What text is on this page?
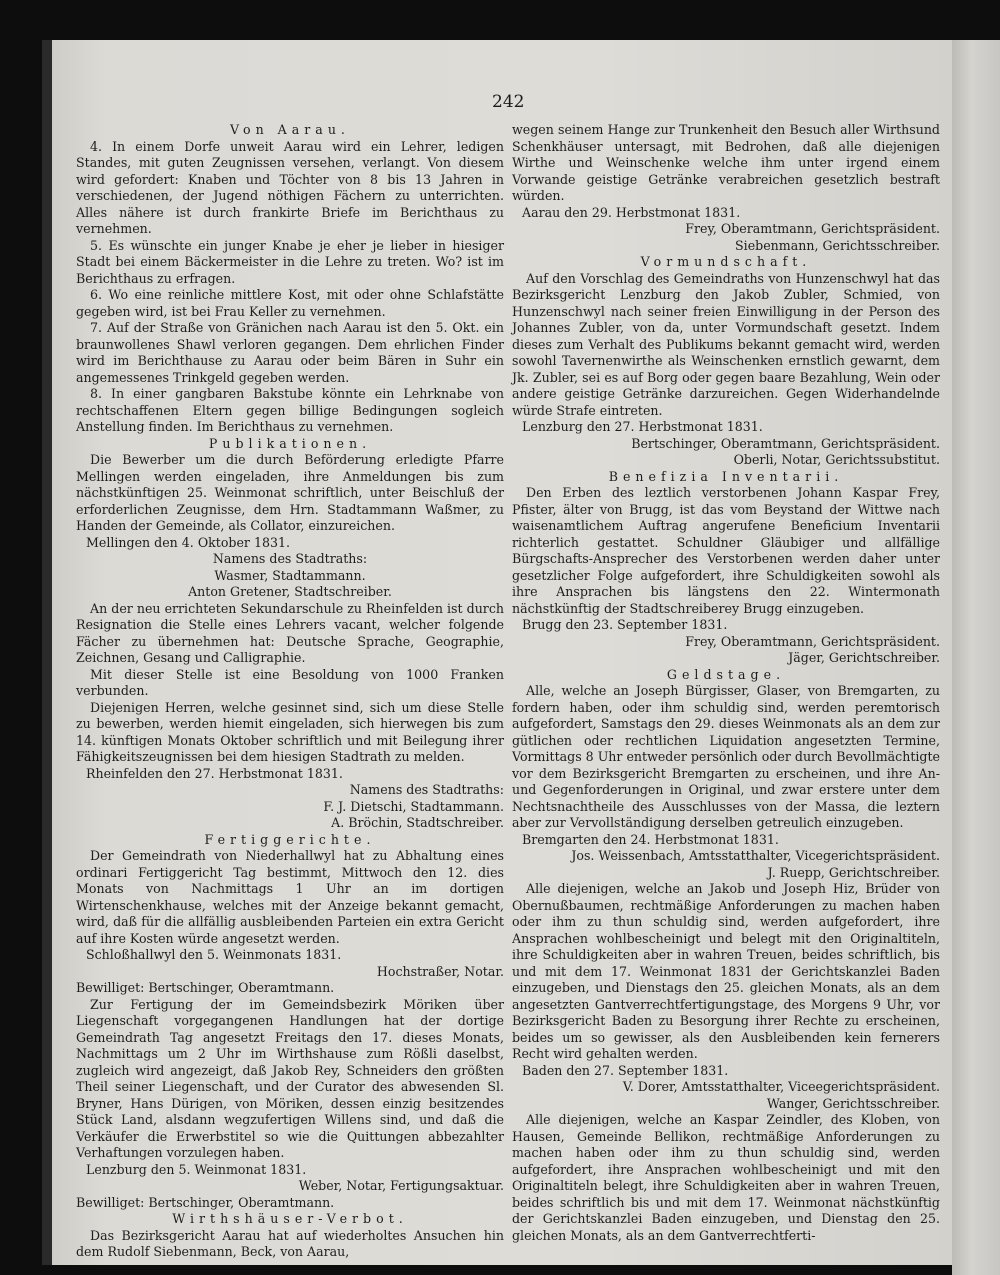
242

Von Aarau.

4. In einem Dorfe unweit Aarau wird ein Lehrer, ledigen Standes, mit guten Zeugnissen versehen, verlangt. Von diesem wird gefordert: Knaben und Töchter von 8 bis 13 Jahren in verschiedenen, der Jugend nöthigen Fächern zu unterrichten. Alles nähere ist durch frankirte Briefe im Berichthaus zu vernehmen.

5. Es wünschte ein junger Knabe je eher je lieber in hiesiger Stadt bei einem Bäckermeister in die Lehre zu treten. Wo? ist im Berichthaus zu erfragen.

6. Wo eine reinliche mittlere Kost, mit oder ohne Schlafstätte gegeben wird, ist bei Frau Keller zu vernehmen.

7. Auf der Straße von Gränichen nach Aarau ist den 5. Okt. ein braunwollenes Shawl verloren gegangen. Dem ehrlichen Finder wird im Berichthause zu Aarau oder beim Bären in Suhr ein angemessenes Trinkgeld gegeben werden.

8. In einer gangbaren Bakstube könnte ein Lehrknabe von rechtschaffenen Eltern gegen billige Bedingungen sogleich Anstellung finden. Im Berichthaus zu vernehmen.

Publikationen.

Die Bewerber um die durch Beförderung erledigte Pfarre Mellingen werden eingeladen, ihre Anmeldungen bis zum nächstkünftigen 25. Weinmonat schriftlich, unter Beischluß der erforderlichen Zeugnisse, dem Hrn. Stadtammann Waßmer, zu Handen der Gemeinde, als Collator, einzureichen.

Mellingen den 4. Oktober 1831.

Namens des Stadtraths:

Wasmer, Stadtammann.

Anton Gretener, Stadtschreiber.

An der neu errichteten Sekundarschule zu Rheinfelden ist durch Resignation die Stelle eines Lehrers vacant, welcher folgende Fächer zu übernehmen hat: Deutsche Sprache, Geographie, Zeichnen, Gesang und Calligraphie.

Mit dieser Stelle ist eine Besoldung von 1000 Franken verbunden.

Diejenigen Herren, welche gesinnet sind, sich um diese Stelle zu bewerben, werden hiemit eingeladen, sich hierwegen bis zum 14. künftigen Monats Oktober schriftlich und mit Beilegung ihrer Fähigkeitszeugnissen bei dem hiesigen Stadtrath zu melden.

Rheinfelden den 27. Herbstmonat 1831.

Namens des Stadtraths:

F. J. Dietschi, Stadtammann.

A. Bröchin, Stadtschreiber.

Fertiggerichte.

Der Gemeindrath von Niederhallwyl hat zu Abhaltung eines ordinari Fertiggericht Tag bestimmt, Mittwoch den 12. dies Monats von Nachmittags 1 Uhr an im dortigen Wirtenschenkhause, welches mit der Anzeige bekannt gemacht, wird, daß für die allfällig ausbleibenden Parteien ein extra Gericht auf ihre Kosten würde angesetzt werden.

Schloßhallwyl den 5. Weinmonats 1831.

Hochstraßer, Notar.

Bewilliget: Bertschinger, Oberamtmann.

Zur Fertigung der im Gemeindsbezirk Möriken über Liegenschaft vorgegangenen Handlungen hat der dortige Gemeindrath Tag angesetzt Freitags den 17. dieses Monats, Nachmittags um 2 Uhr im Wirthshause zum Rößli daselbst, zugleich wird angezeigt, daß Jakob Rey, Schneiders den größten Theil seiner Liegenschaft, und der Curator des abwesenden Sl. Bryner, Hans Dürigen, von Möriken, dessen einzig besitzendes Stück Land, alsdann wegzufertigen Willens sind, und daß die Verkäufer die Erwerbstitel so wie die Quittungen abbezahlter Verhaftungen vorzulegen haben.

Lenzburg den 5. Weinmonat 1831.

Weber, Notar, Fertigungsaktuar.

Bewilliget: Bertschinger, Oberamtmann.

Wirthshäuser-Verbot.

Das Bezirksgericht Aarau hat auf wiederholtes Ansuchen hin dem Rudolf Siebenmann, Beck, von Aarau,

wegen seinem Hange zur Trunkenheit den Besuch aller Wirthsund Schenkhäuser untersagt, mit Bedrohen, daß alle diejenigen Wirthe und Weinschenke welche ihm unter irgend einem Vorwande geistige Getränke verabreichen gesetzlich bestraft würden.

Aarau den 29. Herbstmonat 1831.

Frey, Oberamtmann, Gerichtspräsident.

Siebenmann, Gerichtsschreiber.

Vormundschaft.

Auf den Vorschlag des Gemeindraths von Hunzenschwyl hat das Bezirksgericht Lenzburg den Jakob Zubler, Schmied, von Hunzenschwyl nach seiner freien Einwilligung in der Person des Johannes Zubler, von da, unter Vormundschaft gesetzt. Indem dieses zum Verhalt des Publikums bekannt gemacht wird, werden sowohl Tavernenwirthe als Weinschenken ernstlich gewarnt, dem Jk. Zubler, sei es auf Borg oder gegen baare Bezahlung, Wein oder andere geistige Getränke darzureichen. Gegen Widerhandelnde würde Strafe eintreten.

Lenzburg den 27. Herbstmonat 1831.

Bertschinger, Oberamtmann, Gerichtspräsident.

Oberli, Notar, Gerichtssubstitut.

Benefizia Inventarii.

Den Erben des leztlich verstorbenen Johann Kaspar Frey, Pfister, älter von Brugg, ist das vom Beystand der Wittwe nach waisenamtlichem Auftrag angerufene Beneficium Inventarii richterlich gestattet. Schuldner Gläubiger und allfällige Bürgschafts-Ansprecher des Verstorbenen werden daher unter gesetzlicher Folge aufgefordert, ihre Schuldigkeiten sowohl als ihre Ansprachen bis längstens den 22. Wintermonath nächstkünftig der Stadtschreiberey Brugg einzugeben.

Brugg den 23. September 1831.

Frey, Oberamtmann, Gerichtspräsident.

Jäger, Gerichtschreiber.

Geldstage.

Alle, welche an Joseph Bürgisser, Glaser, von Bremgarten, zu fordern haben, oder ihm schuldig sind, werden peremtorisch aufgefordert, Samstags den 29. dieses Weinmonats als an dem zur gütlichen oder rechtlichen Liquidation angesetzten Termine, Vormittags 8 Uhr entweder persönlich oder durch Bevollmächtigte vor dem Bezirksgericht Bremgarten zu erscheinen, und ihre An- und Gegenforderungen in Original, und zwar erstere unter dem Nechtsnachtheile des Ausschlusses von der Massa, die leztern aber zur Vervollständigung derselben getreulich einzugeben.

Bremgarten den 24. Herbstmonat 1831.

Jos. Weissenbach, Amtsstatthalter, Vicegerichtspräsident.

J. Ruepp, Gerichtschreiber.

Alle diejenigen, welche an Jakob und Joseph Hiz, Brüder von Obernußbaumen, rechtmäßige Anforderungen zu machen haben oder ihm zu thun schuldig sind, werden aufgefordert, ihre Ansprachen wohlbescheinigt und belegt mit den Originaltiteln, ihre Schuldigkeiten aber in wahren Treuen, beides schriftlich, bis und mit dem 17. Weinmonat 1831 der Gerichtskanzlei Baden einzugeben, und Dienstags den 25. gleichen Monats, als an dem angesetzten Gantverrechtfertigungstage, des Morgens 9 Uhr, vor Bezirksgericht Baden zu Besorgung ihrer Rechte zu erscheinen, beides um so gewisser, als den Ausbleibenden kein fernerers Recht wird gehalten werden.

Baden den 27. September 1831.

V. Dorer, Amtsstatthalter, Viceegerichtspräsident.

Wanger, Gerichtsschreiber.

Alle diejenigen, welche an Kaspar Zeindler, des Kloben, von Hausen, Gemeinde Bellikon, rechtmäßige Anforderungen zu machen haben oder ihm zu thun schuldig sind, werden aufgefordert, ihre Ansprachen wohlbescheinigt und mit den Originaltiteln belegt, ihre Schuldigkeiten aber in wahren Treuen, beides schriftlich bis und mit dem 17. Weinmonat nächstkünftig der Gerichtskanzlei Baden einzugeben, und Dienstag den 25. gleichen Monats, als an dem Gantverrechtferti-
